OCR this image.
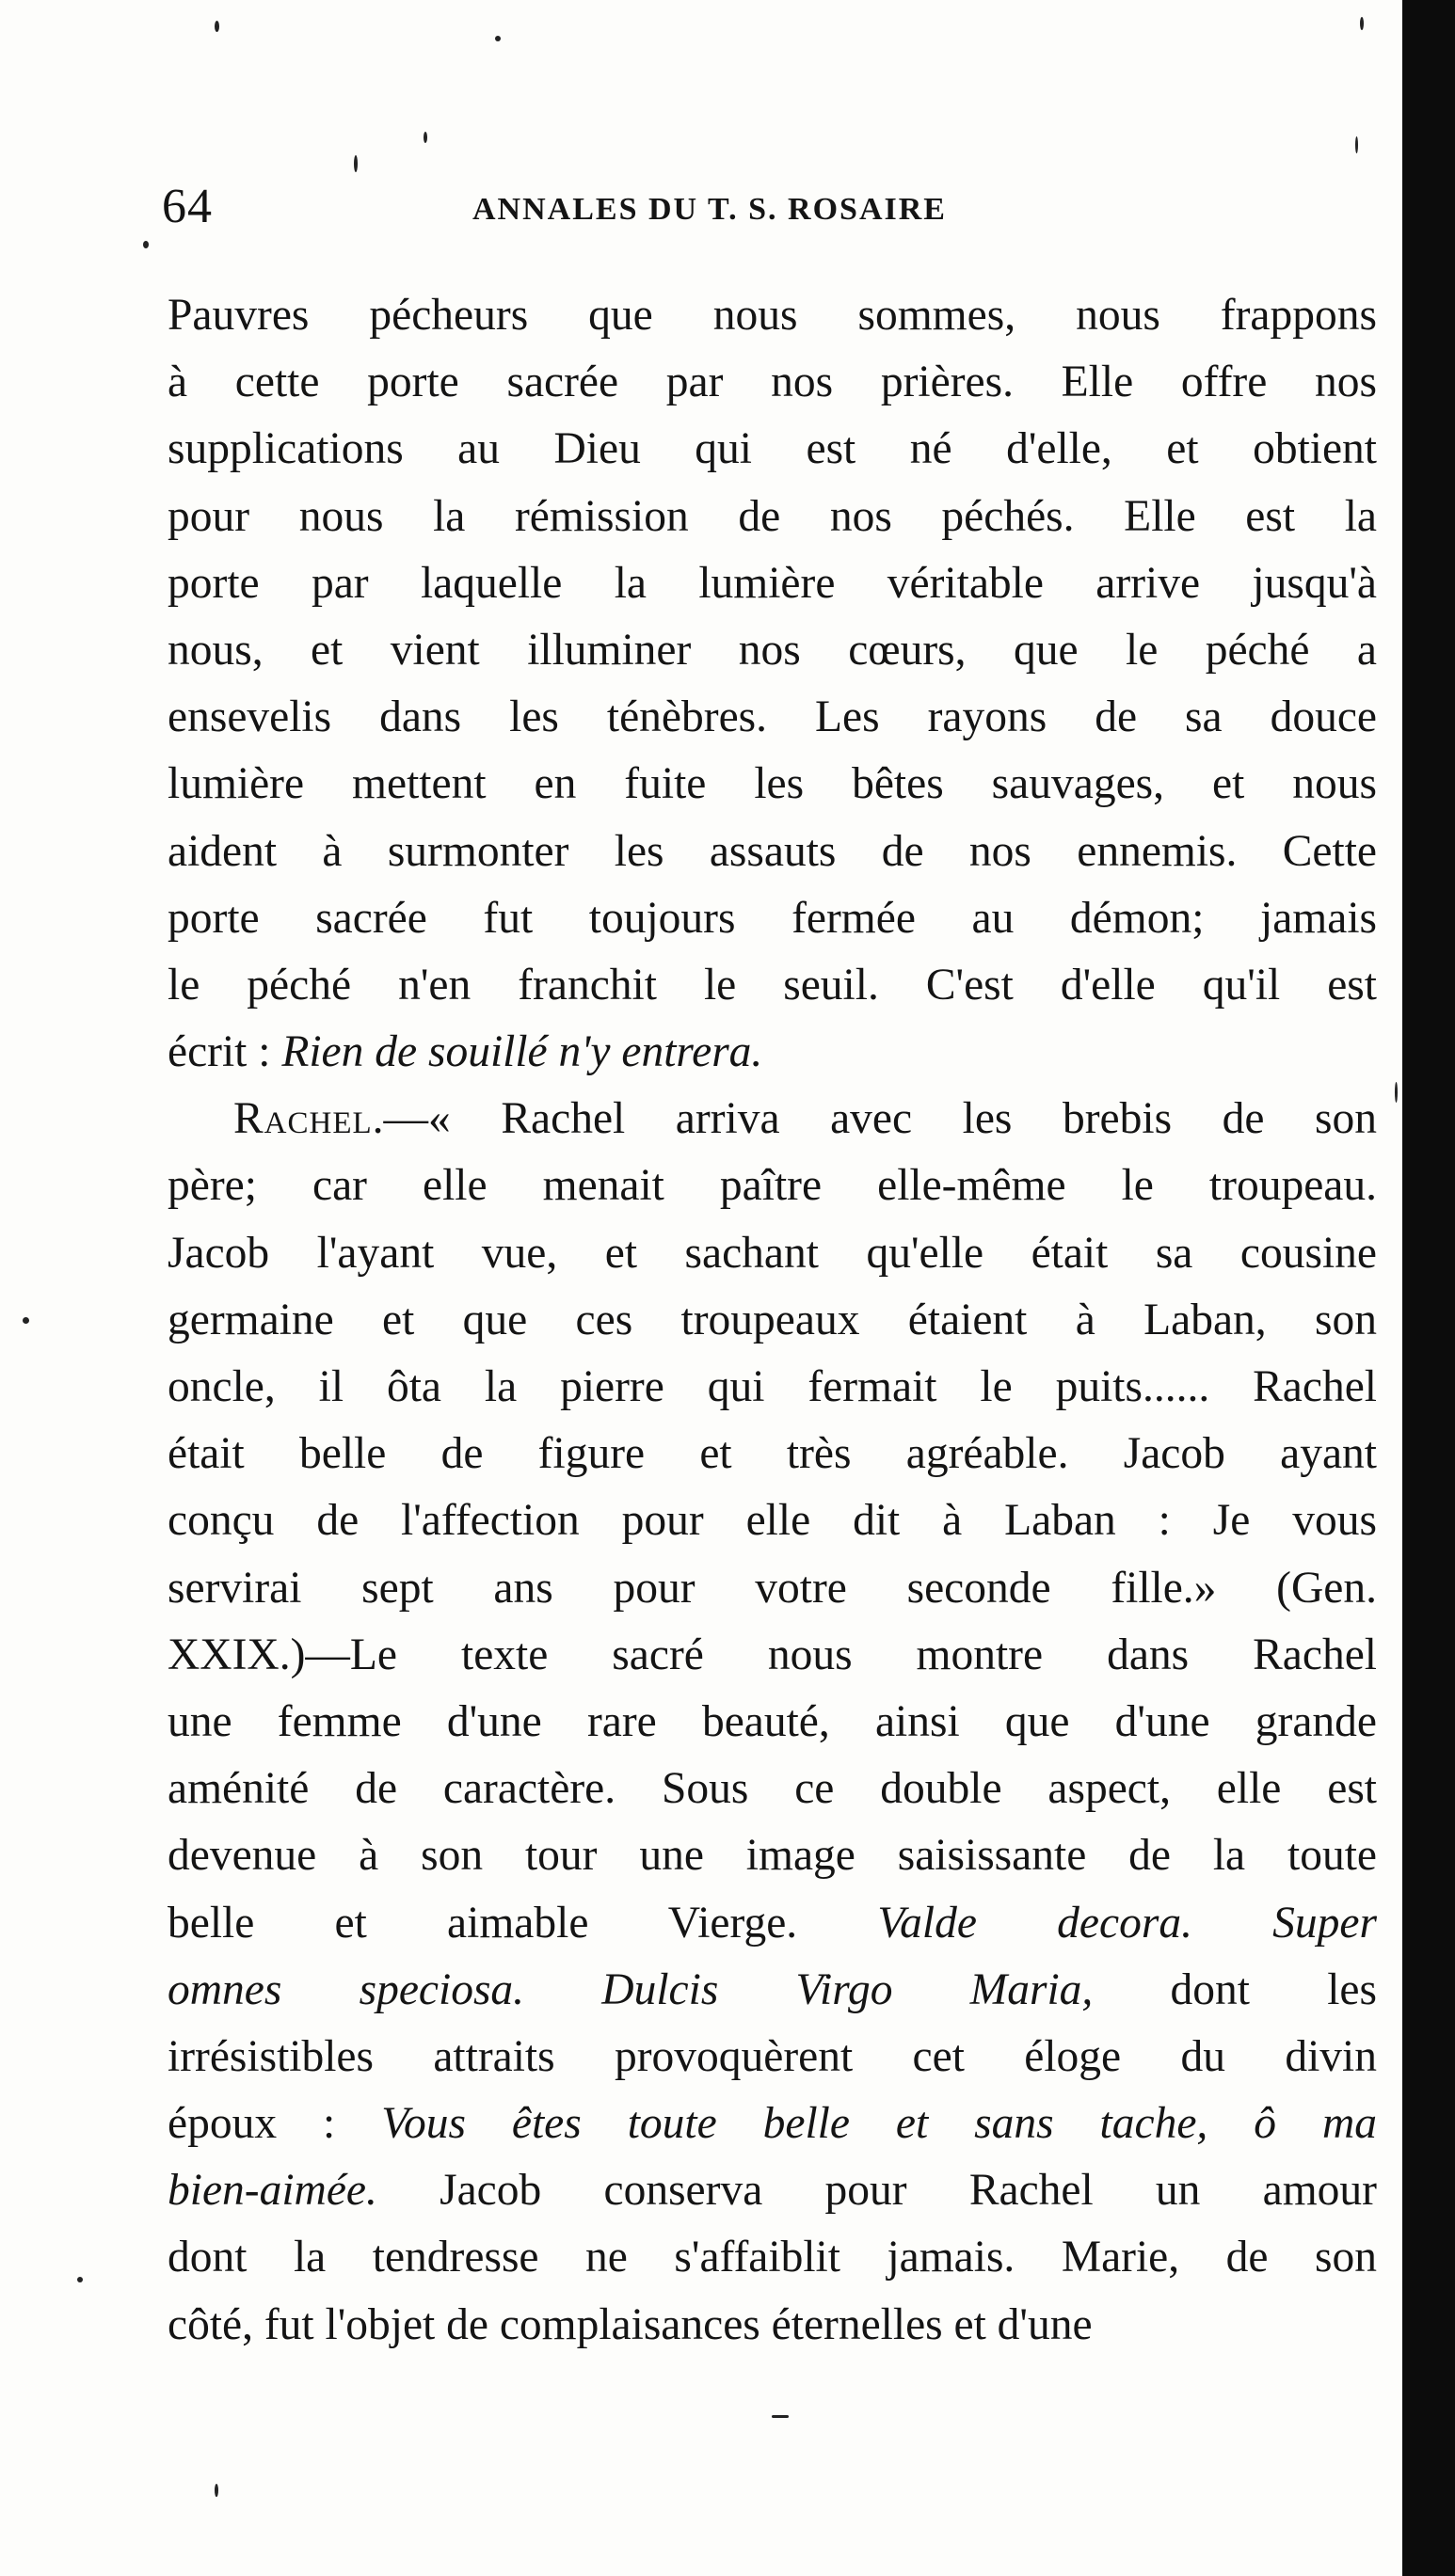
64	ANNALES DU T. S. ROSAIRE
Pauvres pécheurs que nous sommes, nous frappons
à cette porte sacrée par nos prières. Elle offre nos
supplications au Dieu qui est né d'elle, et obtient
pour nous la rémission de nos péchés. Elle est la
porte par laquelle la lumière véritable arrive jusqu'à
nous, et vient illuminer nos cœurs, que le péché a
ensevelis dans les ténèbres. Les rayons de sa douce
lumière mettent en fuite les bêtes sauvages, et nous
aident à surmonter les assauts de nos ennemis. Cette
porte sacrée fut toujours fermée au démon; jamais
le péché n'en franchit le seuil. C'est d'elle qu'il est
écrit : Rien de souillé n'y entrera.
Rachel.—« Rachel arriva avec les brebis de son
père; car elle menait paître elle-même le troupeau.
Jacob l'ayant vue, et sachant qu'elle était sa cousine
germaine et que ces troupeaux étaient à Laban, son
oncle, il ôta la pierre qui fermait le puits...... Rachel
était belle de figure et très agréable. Jacob ayant
conçu de l'affection pour elle dit à Laban : Je vous
servirai sept ans pour votre seconde fille.» (Gen.
XXIX.)—Le texte sacré nous montre dans Rachel
une femme d'une rare beauté, ainsi que d'une grande
aménité de caractère. Sous ce double aspect, elle est
devenue à son tour une image saisissante de la toute
belle et aimable Vierge. Valde decora. Super
omnes speciosa. Dulcis Virgo Maria, dont les
irrésistibles attraits provoquèrent cet éloge du divin
époux : Vous êtes toute belle et sans tache, ô ma
bien-aimée. Jacob conserva pour Rachel un amour
dont la tendresse ne s'affaiblit jamais. Marie, de son
côté, fut l'objet de complaisances éternelles et d'une
